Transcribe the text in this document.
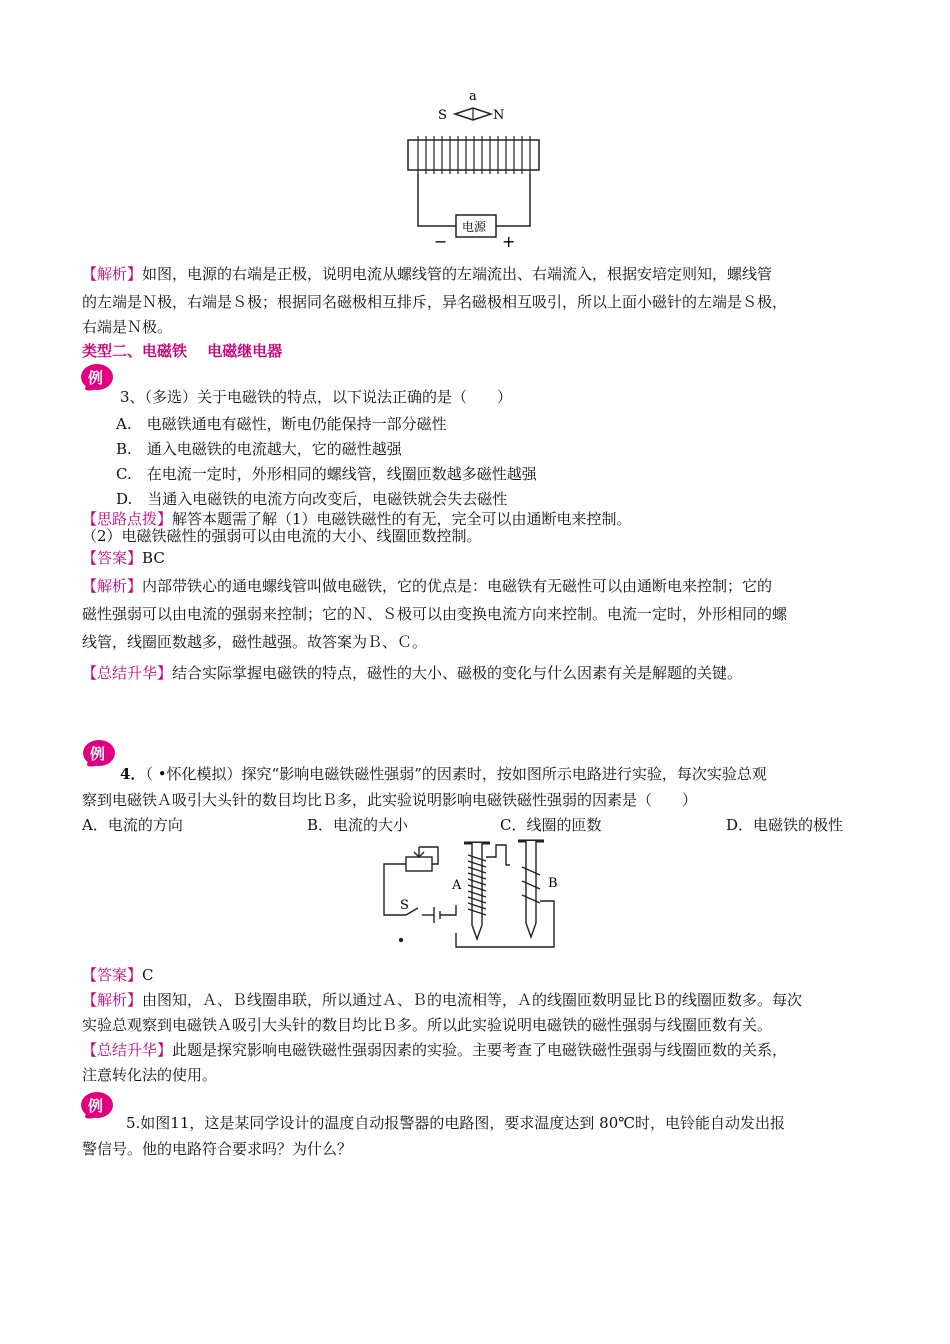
a
S	N
电源
−	+
【解析】如图，电源的右端是正极，说明电流从螺线管的左端流出、右端流入，根据安培定则知，螺线管
的左端是Ｎ极，右端是Ｓ极；根据同名磁极相互排斥，异名磁极相互吸引，所以上面小磁针的左端是Ｓ极，
右端是Ｎ极。
类型二、电磁铁　 电磁继电器
例
3、（多选）关于电磁铁的特点，以下说法正确的是（　　）
A.　电磁铁通电有磁性，断电仍能保持一部分磁性
B.　通入电磁铁的电流越大，它的磁性越强
C.　在电流一定时，外形相同的螺线管，线圈匝数越多磁性越强
D.　当通入电磁铁的电流方向改变后，电磁铁就会失去磁性
【思路点拨】解答本题需了解（1）电磁铁磁性的有无，完全可以由通断电来控制。
（2）电磁铁磁性的强弱可以由电流的大小、线圈匝数控制。
【答案】BC
【解析】内部带铁心的通电螺线管叫做电磁铁，它的优点是：电磁铁有无磁性可以由通断电来控制；它的
磁性强弱可以由电流的强弱来控制；它的Ｎ、Ｓ极可以由变换电流方向来控制。电流一定时，外形相同的螺
线管，线圈匝数越多，磁性越强。故答案为Ｂ、Ｃ。
【总结升华】结合实际掌握电磁铁的特点，磁性的大小、磁极的变化与什么因素有关是解题的关键。
例
4．（ •怀化模拟）探究“影响电磁铁磁性强弱”的因素时，按如图所示电路进行实验，每次实验总观
察到电磁铁Ａ吸引大头针的数目均比Ｂ多，此实验说明影响电磁铁磁性强弱的因素是（　　）
A．电流的方向	B．电流的大小	C．线圈的匝数	D．电磁铁的极性
A	B
S
【答案】C
【解析】由图知，Ａ、Ｂ线圈串联，所以通过Ａ、Ｂ的电流相等，Ａ的线圈匝数明显比Ｂ的线圈匝数多。每次
实验总观察到电磁铁Ａ吸引大头针的数目均比Ｂ多。所以此实验说明电磁铁的磁性强弱与线圈匝数有关。
【总结升华】此题是探究影响电磁铁磁性强弱因素的实验。主要考查了电磁铁磁性强弱与线圈匝数的关系，
注意转化法的使用。
例
5.如图11，这是某同学设计的温度自动报警器的电路图，要求温度达到 80℃时，电铃能自动发出报
警信号。他的电路符合要求吗？为什么？
